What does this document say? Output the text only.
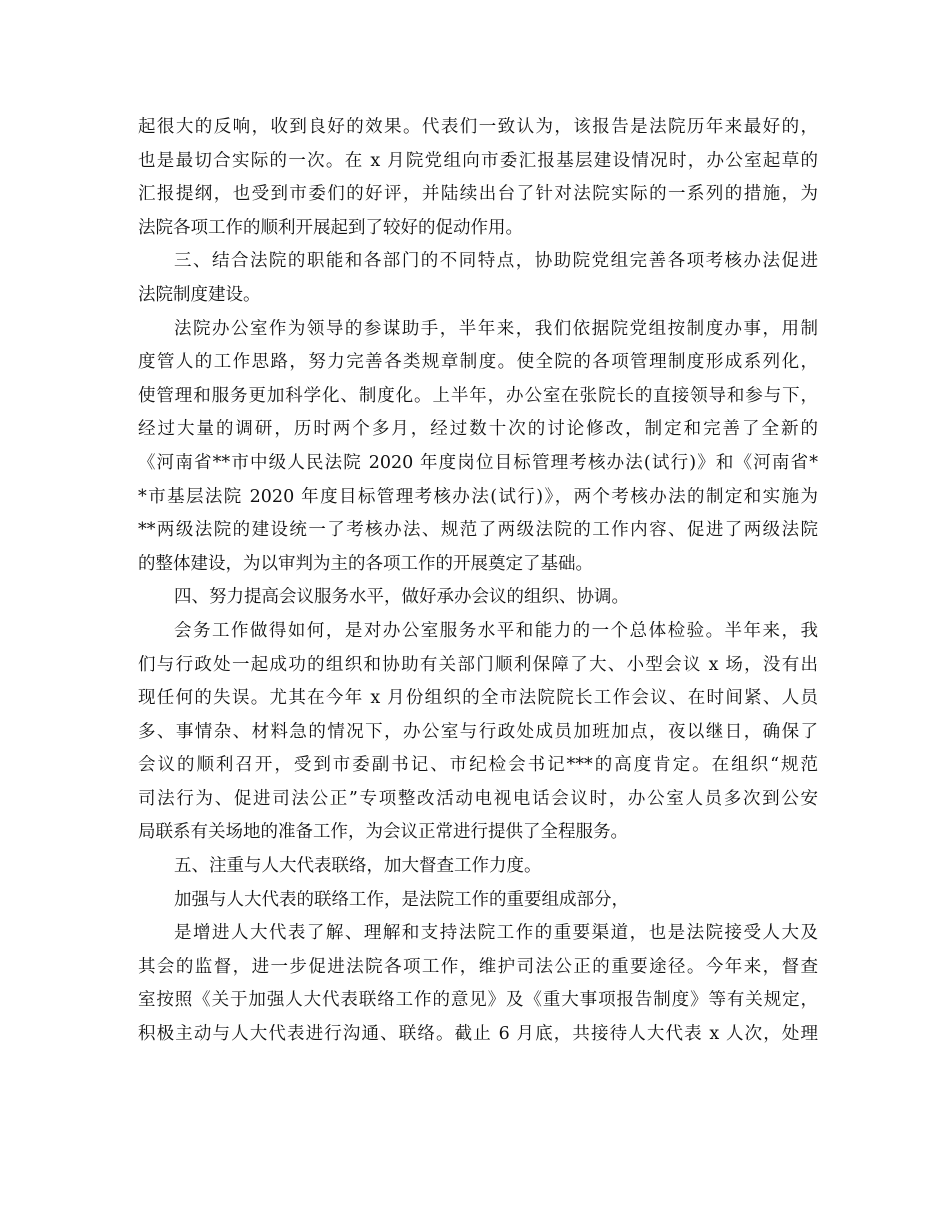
起很大的反响，收到良好的效果。代表们一致认为，该报告是法院历年来最好的，
也是最切合实际的一次。在 x 月院党组向市委汇报基层建设情况时，办公室起草的
汇报提纲，也受到市委们的好评，并陆续出台了针对法院实际的一系列的措施，为
法院各项工作的顺利开展起到了较好的促动作用。
三、结合法院的职能和各部门的不同特点，协助院党组完善各项考核办法促进
法院制度建设。
法院办公室作为领导的参谋助手，半年来，我们依据院党组按制度办事，用制
度管人的工作思路，努力完善各类规章制度。使全院的各项管理制度形成系列化，
使管理和服务更加科学化、制度化。上半年，办公室在张院长的直接领导和参与下，
经过大量的调研，历时两个多月，经过数十次的讨论修改，制定和完善了全新的
《河南省**市中级人民法院 2020 年度岗位目标管理考核办法(试行)》和《河南省*
*市基层法院 2020 年度目标管理考核办法(试行)》，两个考核办法的制定和实施为
**两级法院的建设统一了考核办法、规范了两级法院的工作内容、促进了两级法院
的整体建设，为以审判为主的各项工作的开展奠定了基础。
四、努力提高会议服务水平，做好承办会议的组织、协调。
会务工作做得如何，是对办公室服务水平和能力的一个总体检验。半年来，我
们与行政处一起成功的组织和协助有关部门顺利保障了大、小型会议 x 场，没有出
现任何的失误。尤其在今年 x 月份组织的全市法院院长工作会议、在时间紧、人员
多、事情杂、材料急的情况下，办公室与行政处成员加班加点，夜以继日，确保了
会议的顺利召开，受到市委副书记、市纪检会书记***的高度肯定。在组织“规范
司法行为、促进司法公正”专项整改活动电视电话会议时，办公室人员多次到公安
局联系有关场地的准备工作，为会议正常进行提供了全程服务。
五、注重与人大代表联络，加大督查工作力度。
加强与人大代表的联络工作，是法院工作的重要组成部分，
是增进人大代表了解、理解和支持法院工作的重要渠道，也是法院接受人大及
其会的监督，进一步促进法院各项工作，维护司法公正的重要途径。今年来，督查
室按照《关于加强人大代表联络工作的意见》及《重大事项报告制度》等有关规定，
积极主动与人大代表进行沟通、联络。截止 6 月底，共接待人大代表 x 人次，处理
